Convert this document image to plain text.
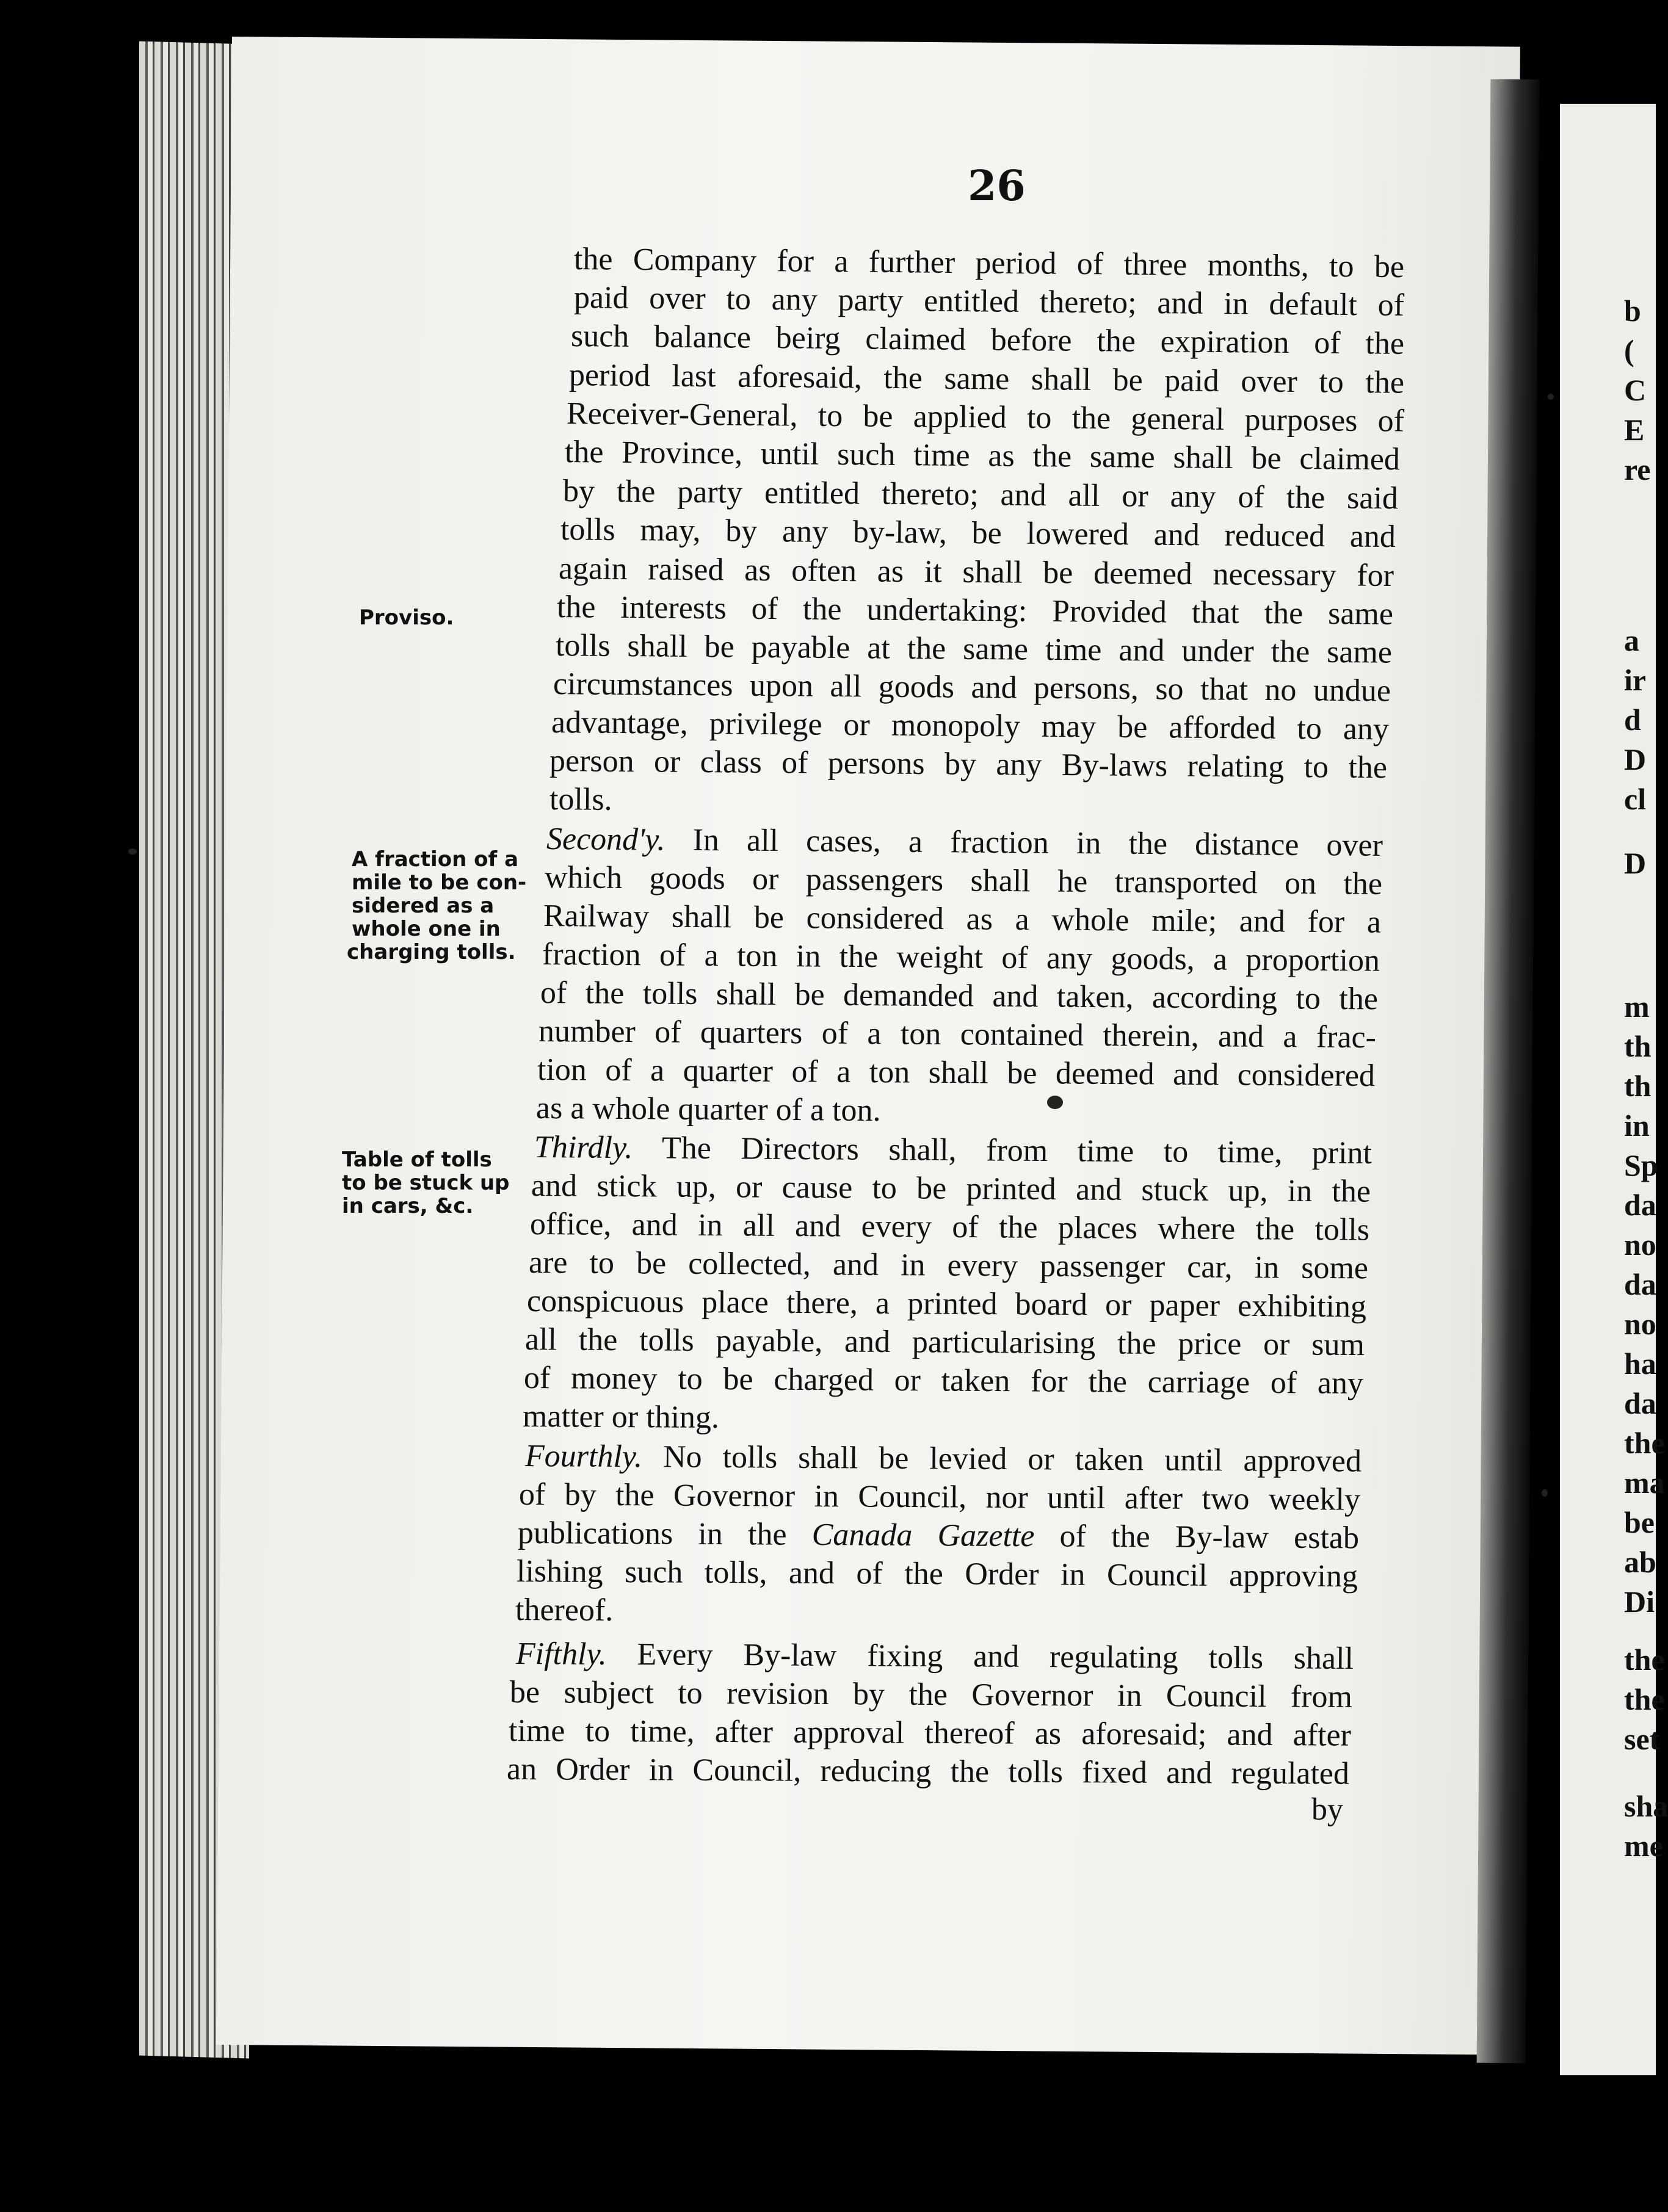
26
the Company for a further period of three months, to be
paid over to any party entitled thereto; and in default of
such balance beirg claimed before the expiration of the
period last aforesaid, the same shall be paid over to the
Receiver-General, to be applied to the general purposes of
the Province, until such time as the same shall be claimed
by the party entitled thereto; and all or any of the said
tolls may, by any by-law, be lowered and reduced and
again raised as often as it shall be deemed necessary for
the interests of the undertaking: Provided that the same
tolls shall be payable at the same time and under the same
circumstances upon all goods and persons, so that no undue
advantage, privilege or monopoly may be afforded to any
person or class of persons by any By-laws relating to the
tolls.
Second'y. In all cases, a fraction in the distance over
which goods or passengers shall he transported on the
Railway shall be considered as a whole mile; and for a
fraction of a ton in the weight of any goods, a proportion
of the tolls shall be demanded and taken, according to the
number of quarters of a ton contained therein, and a frac-
tion of a quarter of a ton shall be deemed and considered
as a whole quarter of a ton.
Thirdly. The Directors shall, from time to time, print
and stick up, or cause to be printed and stuck up, in the
office, and in all and every of the places where the tolls
are to be collected, and in every passenger car, in some
conspicuous place there, a printed board or paper exhibiting
all the tolls payable, and particularising the price or sum
of money to be charged or taken for the carriage of any
matter or thing.
Fourthly. No tolls shall be levied or taken until approved
of by the Governor in Council, nor until after two weekly
publications in the Canada Gazette of the By-law estab
lishing such tolls, and of the Order in Council approving
thereof.
Fifthly. Every By-law fixing and regulating tolls shall
be subject to revision by the Governor in Council from
time to time, after approval thereof as aforesaid; and after
an Order in Council, reducing the tolls fixed and regulated
by
Proviso.
A fraction of a
mile to be con-
sidered as a
whole one in
charging tolls.
Table of tolls
to be stuck up
in cars, &c.
b
(
C
E
re
a
ir
d
D
cl
D
m
th
th
in
Sp
da
no
da
no
ha
da
the
ma
be
ab
Di
the
the
set
sha
me
